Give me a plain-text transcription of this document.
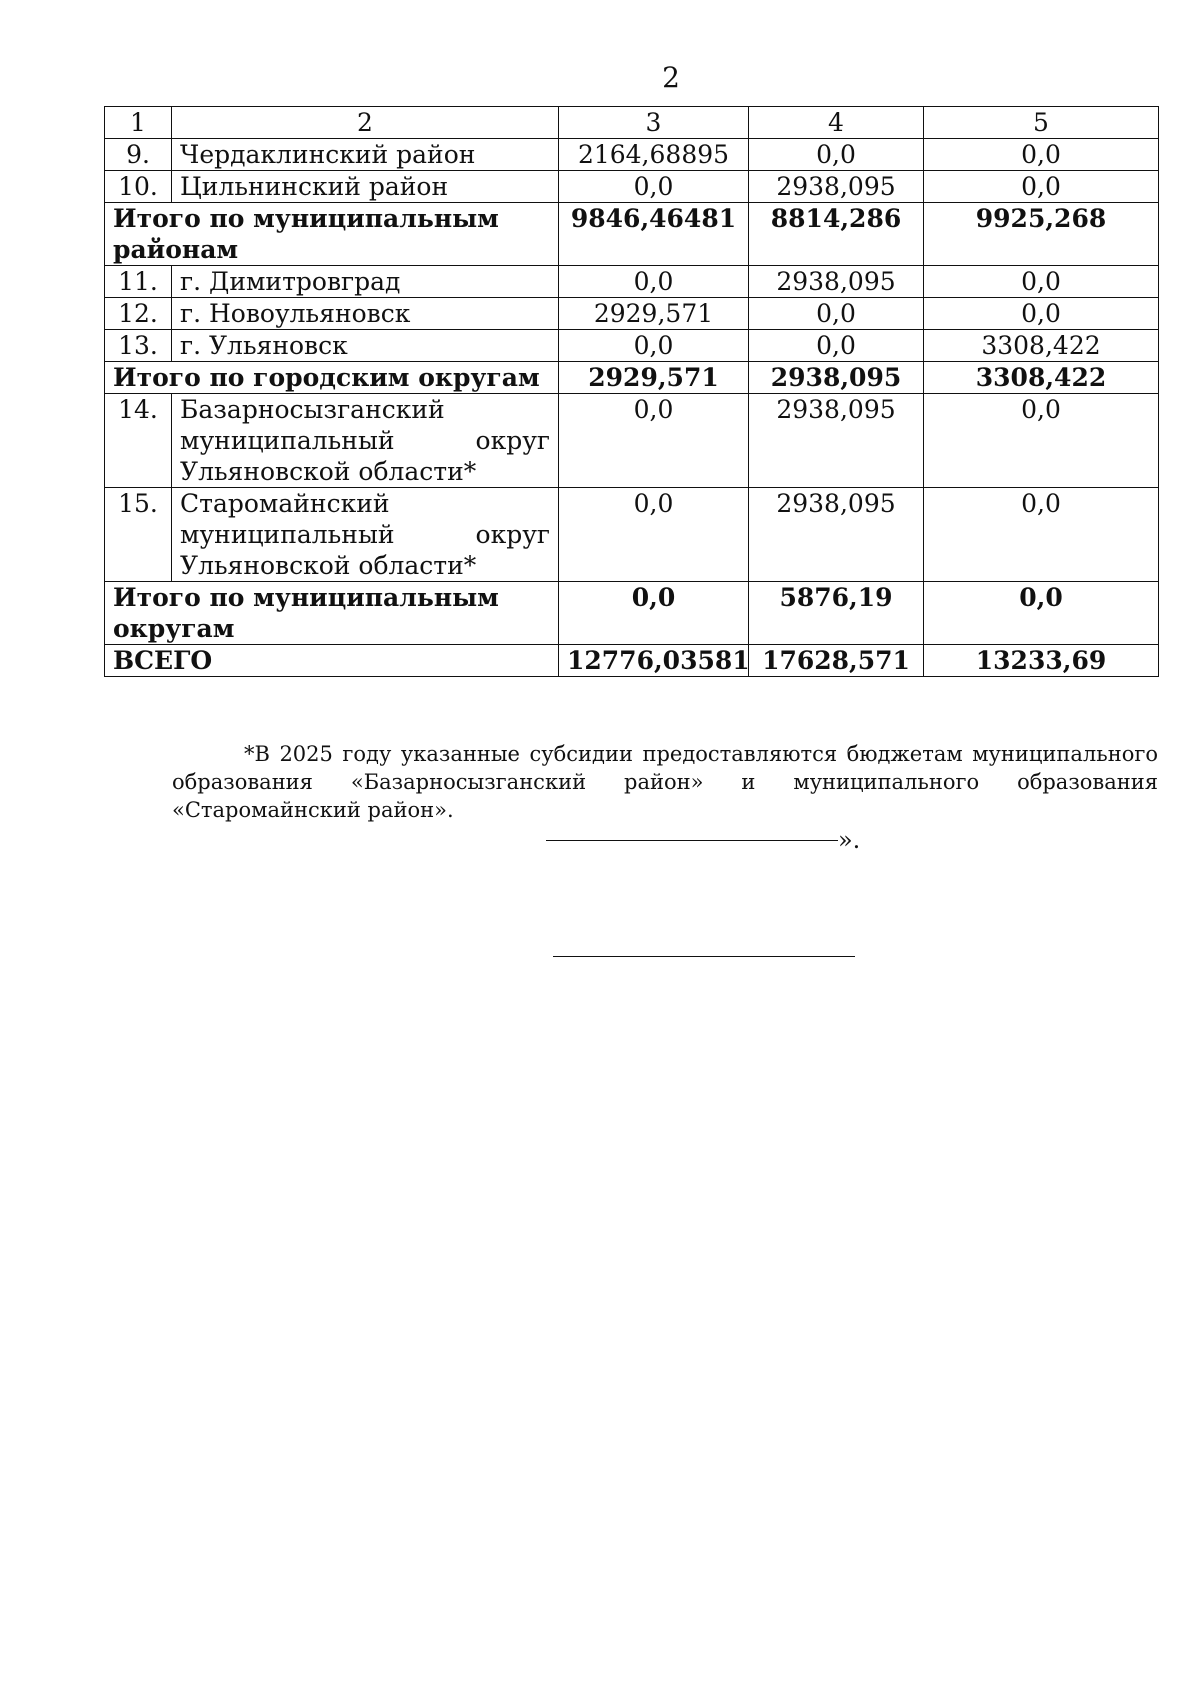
2
1	2	3	4	5
9.	Чердаклинский район	2164,68895	0,0	0,0
10.	Цильнинский район	0,0	2938,095	0,0
Итого по муниципальным районам		9846,46481	8814,286	9925,268
11.	г. Димитровград	0,0	2938,095	0,0
12.	г. Новоульяновск	2929,571	0,0	0,0
13.	г. Ульяновск	0,0	0,0	3308,422
Итого по городским округам		2929,571	2938,095	3308,422
14.	Базарносызганский муниципальный округ Ульяновской области*	0,0	2938,095	0,0
15.	Старомайнский муниципальный округ Ульяновской области*	0,0	2938,095	0,0
Итого по муниципальным округам		0,0	5876,19	0,0
ВСЕГО		12776,03581	17628,571	13233,69
*В 2025 году указанные субсидии предоставляются бюджетам муниципального образования «Базарносызганский район» и муниципального образования «Старомайнский район».
».
